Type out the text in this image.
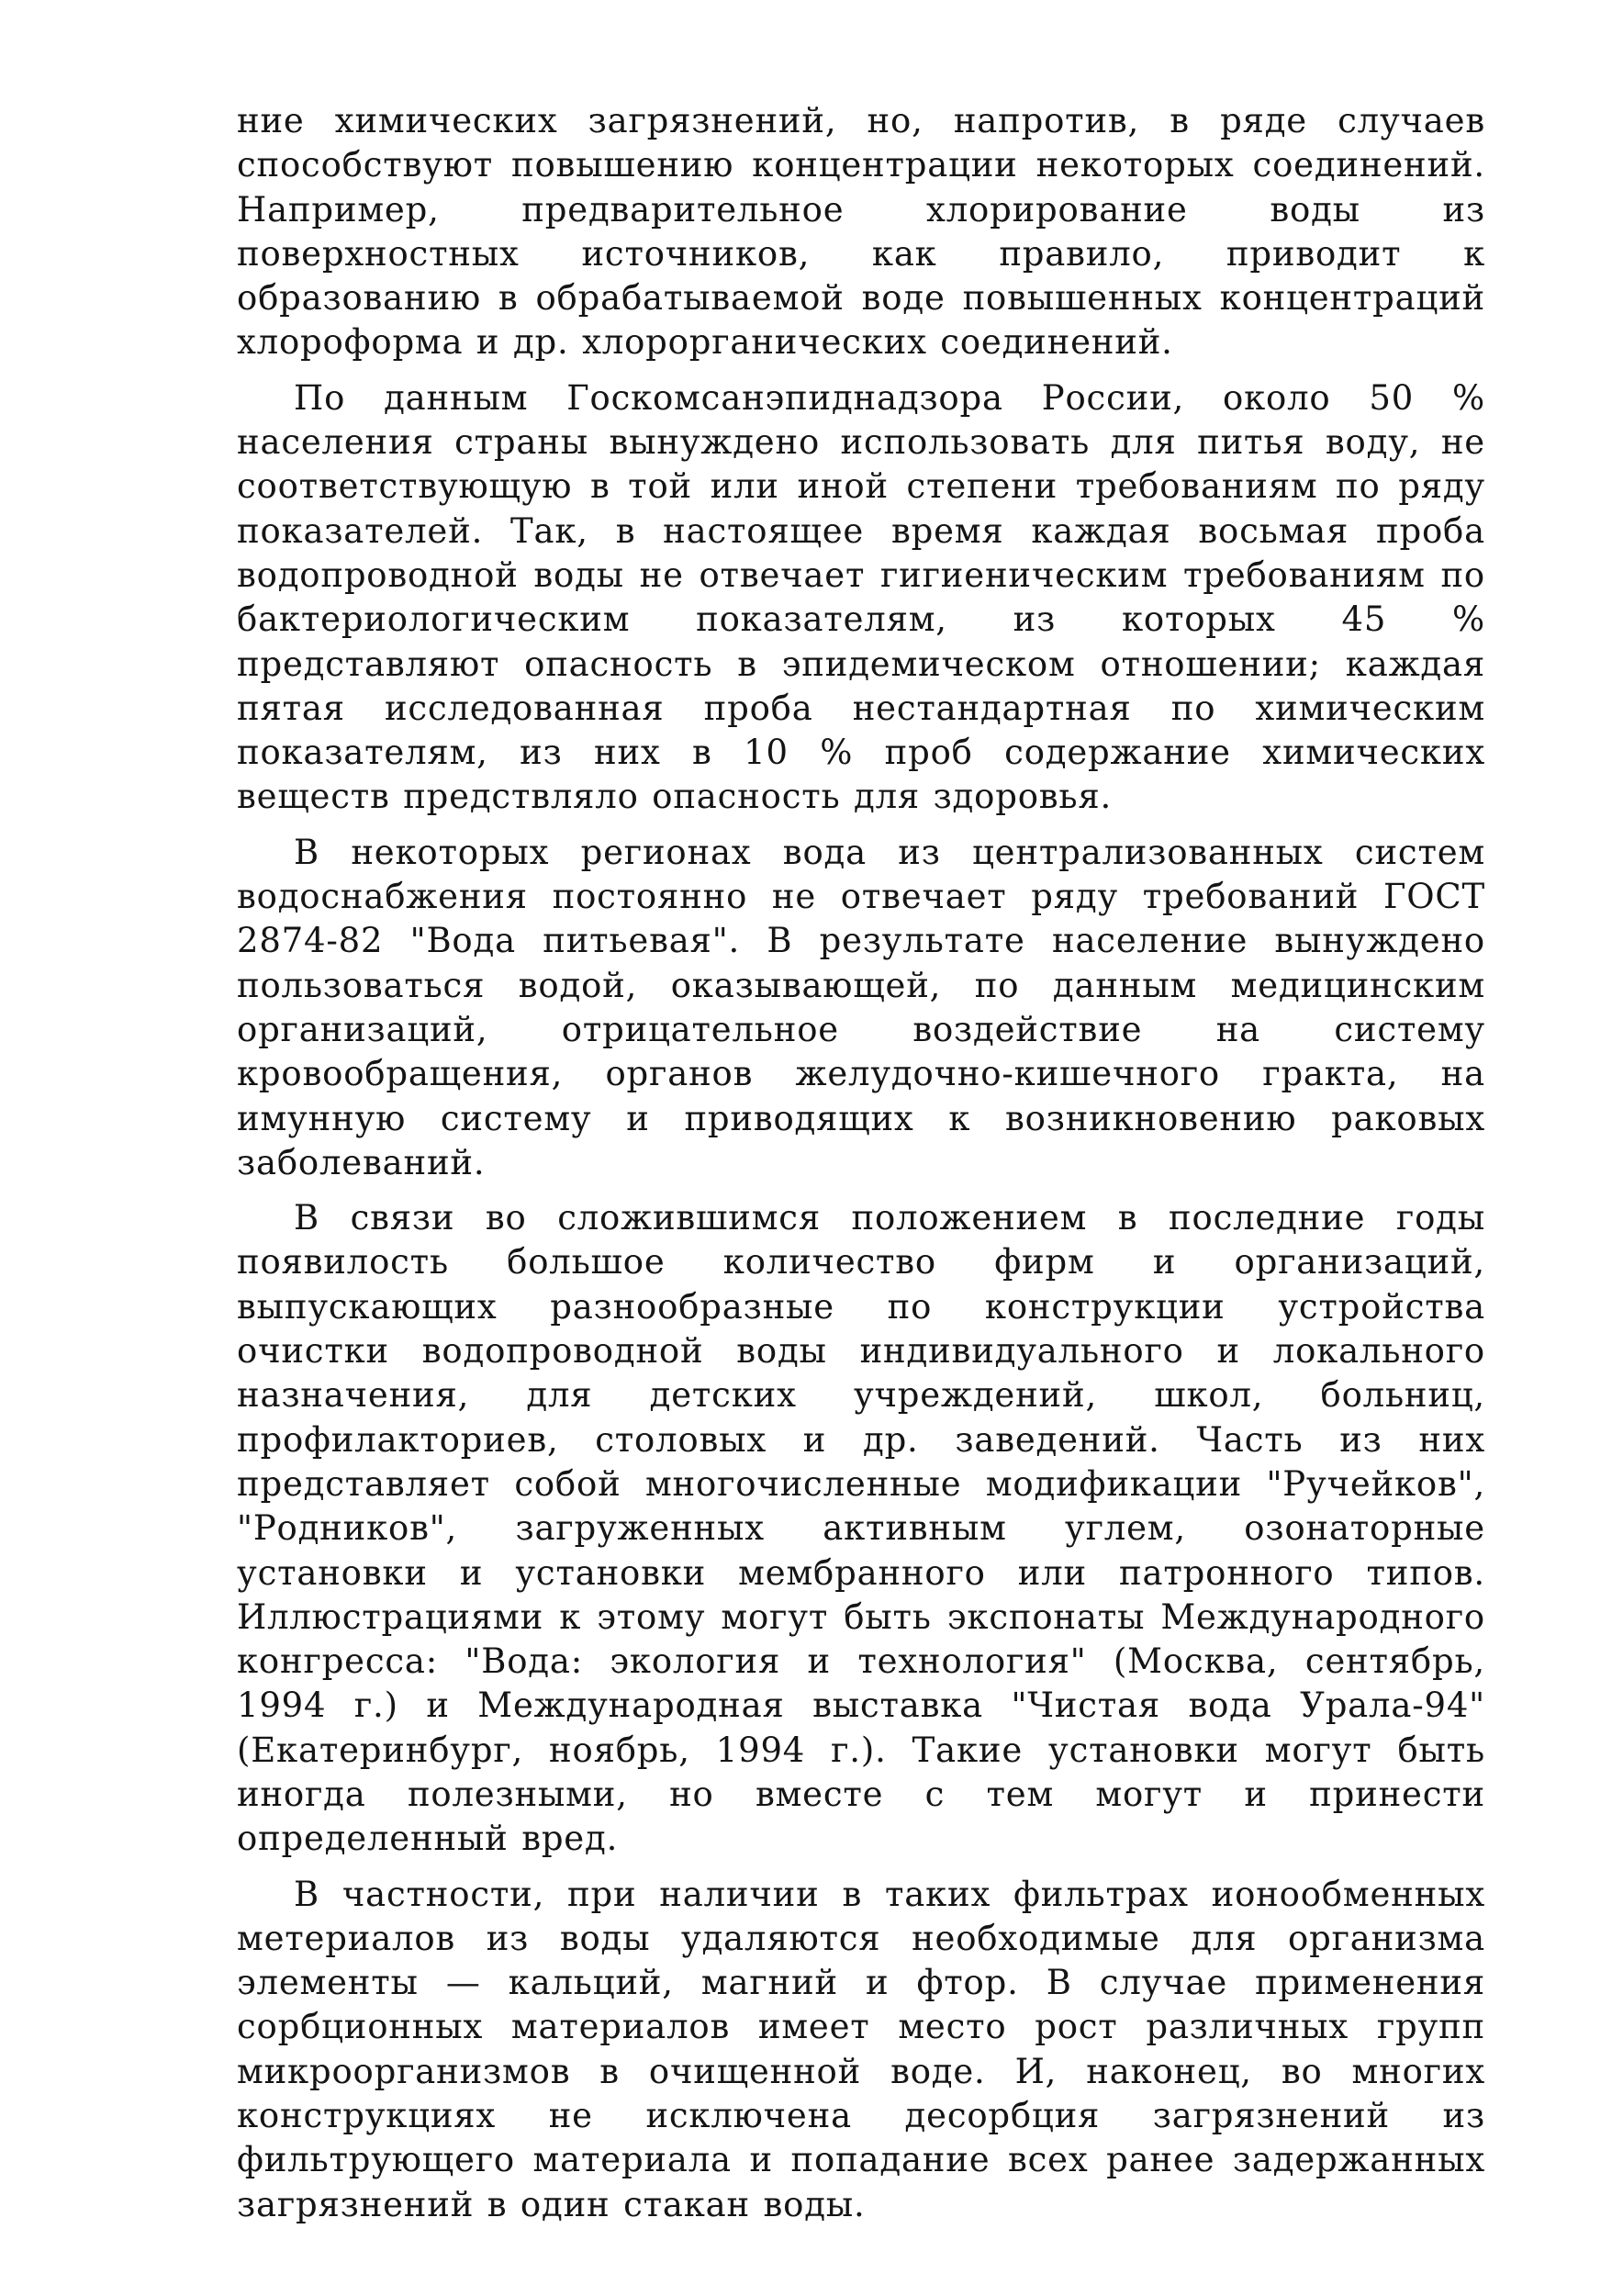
ние химических загрязнений, но, напротив, в ряде случаев способствуют повышению концентрации некоторых соединений. Например, предварительное хлорирование воды из поверхностных источников, как правило, приводит к образованию в обрабатываемой воде повышенных концентраций хлороформа и др. хлорорганических соединений.

По данным Госкомсанэпиднадзора России, около 50 % населения страны вынуждено использовать для питья воду, не соответствующую в той или иной степени требованиям по ряду показателей. Так, в настоящее время каждая восьмая проба водопроводной воды не отвечает гигиеническим требованиям по бактериологическим показателям, из которых 45 % представляют опасность в эпидемическом отношении; каждая пятая исследованная проба нестандартная по химическим показателям, из них в 10 % проб содержание химических веществ предствляло опасность для здоровья.

В некоторых регионах вода из централизованных систем водоснабжения постоянно не отвечает ряду требований ГОСТ 2874-82 "Вода питьевая". В результате население вынуждено пользоваться водой, оказывающей, по данным медицинским организаций, отрицательное воздействие на систему кровообращения, органов желудочно-кишечного гракта, на имунную систему и приводящих к возникновению раковых заболеваний.

В связи во сложившимся положением в последние годы появилость большое количество фирм и организаций, выпускающих разнообразные по конструкции устройства очистки водопроводной воды индивидуального и локального назначения, для детских учреждений, школ, больниц, профилакториев, столовых и др. заведений. Часть из них представляет собой многочисленные модификации "Ручейков", "Родников", загруженных активным углем, озонаторные установки и установки мембранного или патронного типов. Иллюстрациями к этому могут быть экспонаты Международного конгресса: "Вода: экология и технология" (Москва, сентябрь, 1994 г.) и Международная выставка "Чистая вода Урала-94" (Екатеринбург, ноябрь, 1994 г.). Такие установки могут быть иногда полезными, но вместе с тем могут и принести определенный вред.

В частности, при наличии в таких фильтрах ионообменных метериалов из воды удаляются необходимые для организма элементы — кальций, магний и фтор. В случае применения сорбционных материалов имеет место рост различных групп микроорганизмов в очищенной воде. И, наконец, во многих конструкциях не исключена десорбция загрязнений из фильтрующего материала и попадание всех ранее задержанных загрязнений в один стакан воды.
